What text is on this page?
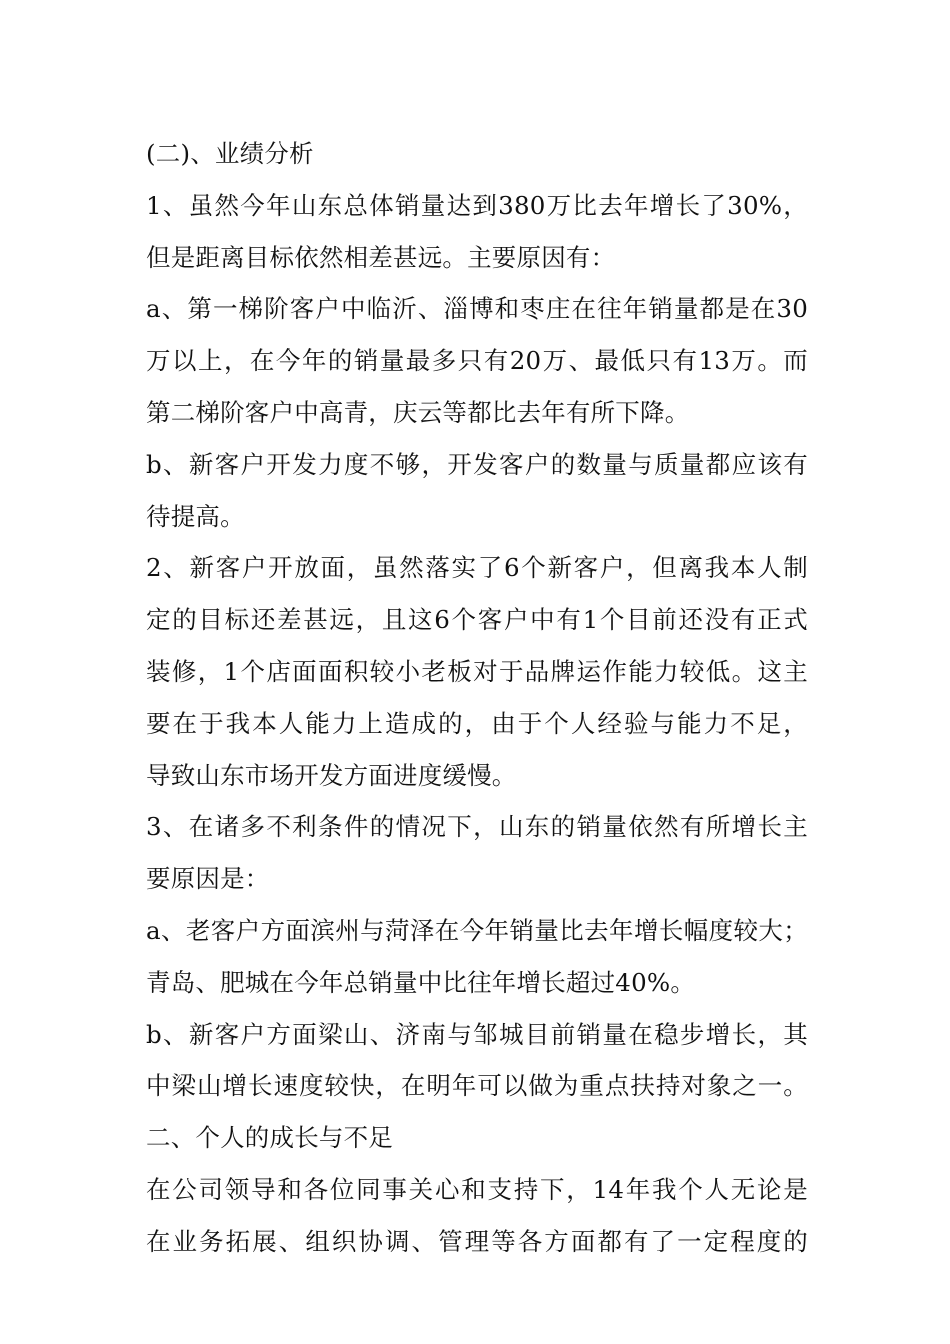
(二)、业绩分析
1、虽然今年山东总体销量达到380万比去年增长了30%，
但是距离目标依然相差甚远。主要原因有：
a、第一梯阶客户中临沂、淄博和枣庄在往年销量都是在30
万以上，在今年的销量最多只有20万、最低只有13万。而
第二梯阶客户中高青，庆云等都比去年有所下降。
b、新客户开发力度不够，开发客户的数量与质量都应该有
待提高。
2、新客户开放面，虽然落实了6个新客户，但离我本人制
定的目标还差甚远，且这6个客户中有1个目前还没有正式
装修，1个店面面积较小老板对于品牌运作能力较低。这主
要在于我本人能力上造成的，由于个人经验与能力不足，
导致山东市场开发方面进度缓慢。
3、在诸多不利条件的情况下，山东的销量依然有所增长主
要原因是：
a、老客户方面滨州与菏泽在今年销量比去年增长幅度较大；
青岛、肥城在今年总销量中比往年增长超过40%。
b、新客户方面梁山、济南与邹城目前销量在稳步增长，其
中梁山增长速度较快，在明年可以做为重点扶持对象之一。
二、个人的成长与不足
在公司领导和各位同事关心和支持下，14年我个人无论是
在业务拓展、组织协调、管理等各方面都有了一定程度的
